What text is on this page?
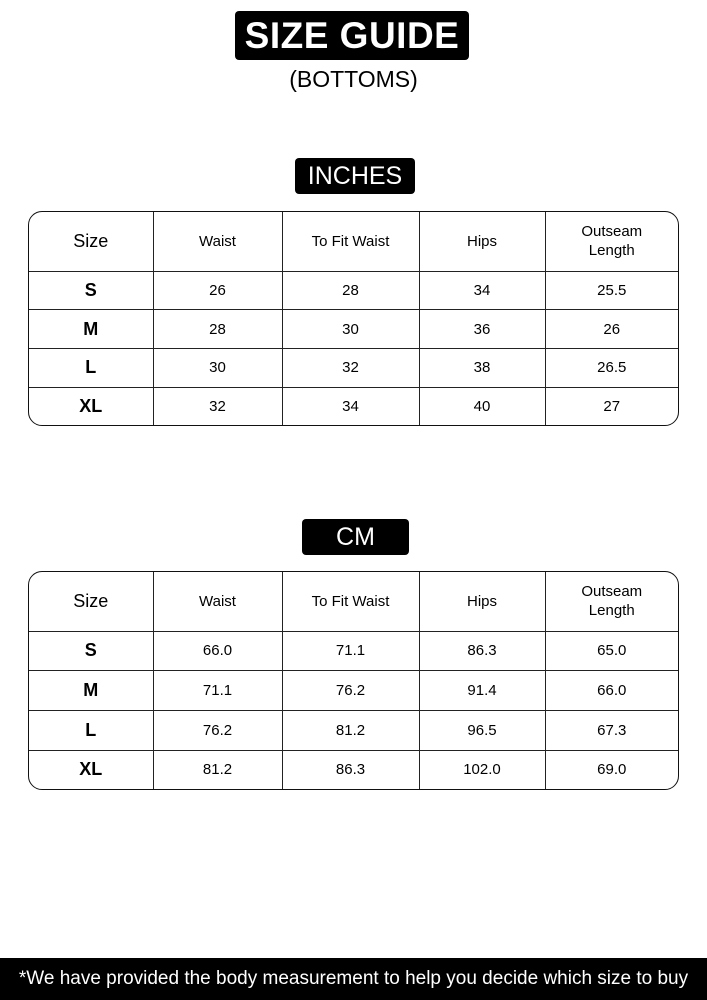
SIZE GUIDE
(BOTTOMS)
INCHES
Size	Waist	To Fit Waist	Hips	Outseam
Length
S	26	28	34	25.5
M	28	30	36	26
L	30	32	38	26.5
XL	32	34	40	27
CM
Size	Waist	To Fit Waist	Hips	Outseam
Length
S	66.0	71.1	86.3	65.0
M	71.1	76.2	91.4	66.0
L	76.2	81.2	96.5	67.3
XL	81.2	86.3	102.0	69.0
*We have provided the body measurement to help you decide which size to buy
